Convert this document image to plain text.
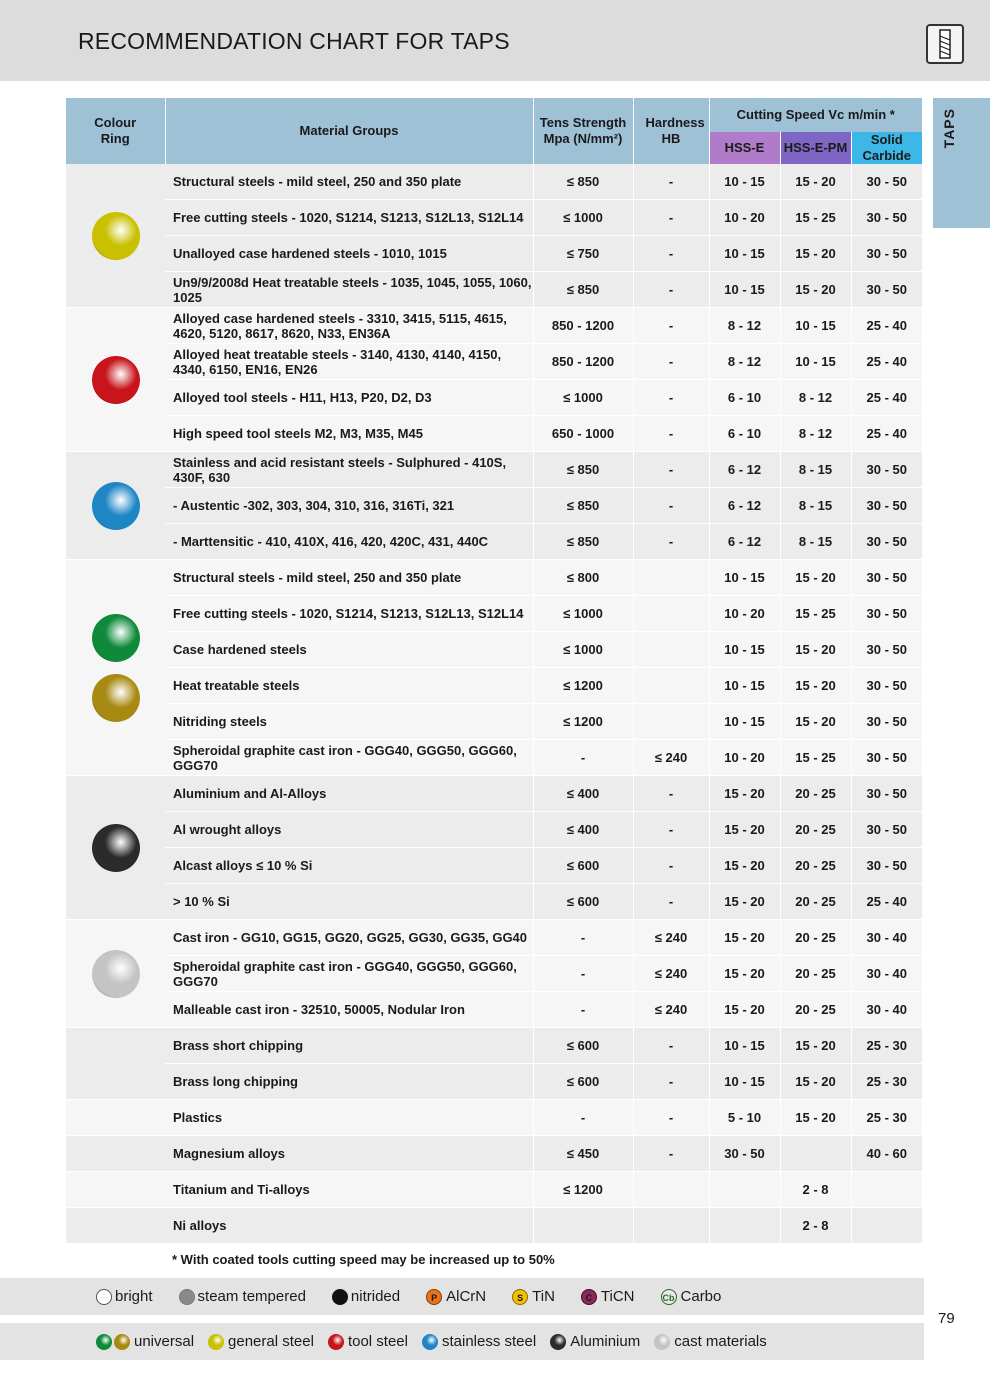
RECOMMENDATION CHART FOR TAPS
TAPS
Colour Ring	Material Groups	Tens Strength Mpa (N/mm²)	Hardness HB	Cutting Speed Vc m/min *		
				HSS-E	HSS-E-PM	Solid Carbide

	Structural steels - mild steel, 250 and 350 plate	≤ 850	-	10 - 15	15 - 20	30 - 50
	Free cutting steels - 1020, S1214, S1213, S12L13, S12L14	≤ 1000	-	10 - 20	15 - 25	30 - 50
	Unalloyed case hardened steels - 1010, 1015	≤ 750	-	10 - 15	15 - 20	30 - 50
	Un9/9/2008d Heat treatable steels - 1035, 1045, 1055, 1060, 1025	≤ 850	-	10 - 15	15 - 20	30 - 50

	Alloyed case hardened steels - 3310, 3415, 5115, 4615, 4620, 5120, 8617, 8620, N33, EN36A	850 - 1200	-	8 - 12	10 - 15	25 - 40
	Alloyed heat treatable steels - 3140, 4130, 4140, 4150, 4340, 6150, EN16, EN26	850 - 1200	-	8 - 12	10 - 15	25 - 40
	Alloyed tool steels - H11, H13, P20, D2, D3	≤ 1000	-	6 - 10	8 - 12	25 - 40
	High speed tool steels M2, M3, M35, M45	650 - 1000	-	6 - 10	8 - 12	25 - 40

	Stainless and acid resistant steels - Sulphured - 410S, 430F, 630	≤ 850	-	6 - 12	8 - 15	30 - 50
	- Austentic -302, 303, 304, 310, 316, 316Ti, 321	≤ 850	-	6 - 12	8 - 15	30 - 50
	- Marttensitic - 410, 410X, 416, 420, 420C, 431, 440C	≤ 850	-	6 - 12	8 - 15	30 - 50

	Structural steels - mild steel, 250 and 350 plate	≤ 800		10 - 15	15 - 20	30 - 50
	Free cutting steels - 1020, S1214, S1213, S12L13, S12L14	≤ 1000		10 - 20	15 - 25	30 - 50
	Case hardened steels	≤ 1000		10 - 15	15 - 20	30 - 50
	Heat treatable steels	≤ 1200		10 - 15	15 - 20	30 - 50
	Nitriding steels	≤ 1200		10 - 15	15 - 20	30 - 50
	Spheroidal graphite cast iron - GGG40, GGG50, GGG60, GGG70	-	≤ 240	10 - 20	15 - 25	30 - 50

	Aluminium and Al-Alloys	≤ 400	-	15 - 20	20 - 25	30 - 50
	Al wrought alloys	≤ 400	-	15 - 20	20 - 25	30 - 50
	Alcast alloys ≤ 10 % Si	≤ 600	-	15 - 20	20 - 25	30 - 50
	> 10 % Si	≤ 600	-	15 - 20	20 - 25	25 - 40

	Cast iron - GG10, GG15, GG20, GG25, GG30, GG35, GG40	-	≤ 240	15 - 20	20 - 25	30 - 40
	Spheroidal graphite cast iron - GGG40, GGG50, GGG60, GGG70	-	≤ 240	15 - 20	20 - 25	30 - 40
	Malleable cast iron - 32510, 50005, Nodular Iron	-	≤ 240	15 - 20	20 - 25	30 - 40

	Brass short chipping	≤ 600	-	10 - 15	15 - 20	25 - 30
	Brass long chipping	≤ 600	-	10 - 15	15 - 20	25 - 30

	Plastics	-	-	5 - 10	15 - 20	25 - 30

	Magnesium alloys	≤ 450	-	30 - 50		40 - 60

	Titanium and Ti-alloys	≤ 1200			2 - 8	

	Ni alloys				2 - 8	
* With coated tools cutting speed may be increased up to 50%
bright	steam tempered	nitrided	P AlCrN	S TiN	C TiCN	Cb Carbo
universal general steel tool steel stainless steel Aluminium cast materials
79
